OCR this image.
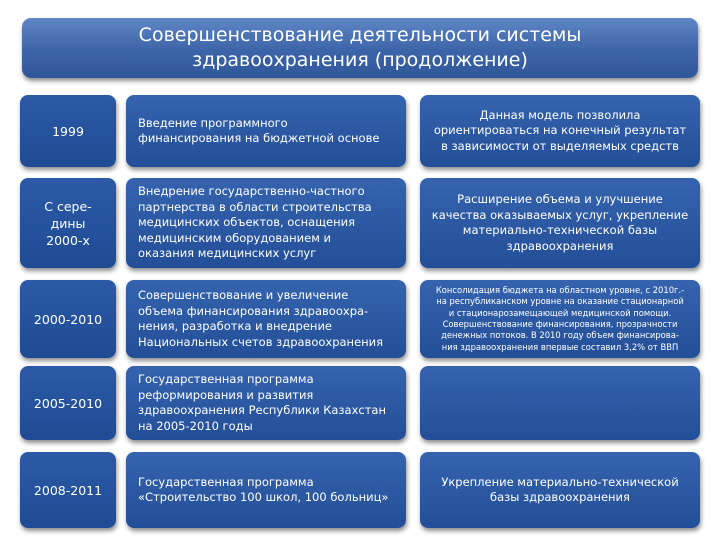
Совершенствование деятельности системы
здравоохранения (продолжение)
1999
Введение программного
финансирования на бюджетной основе
Данная модель позволила
ориентироваться на конечный результат
в зависимости от выделяемых средств
С сере-
дины
2000-х
Внедрение государственно-частного
партнерства в области строительства
медицинских объектов, оснащения
медицинским оборудованием и
оказания медицинских услуг
Расширение объема и улучшение
качества оказываемых услуг, укрепление
материально-технической базы
здравоохранения
2000-2010
Совершенствование и увеличение
объема финансирования здравоохра-
нения, разработка и внедрение
Национальных счетов здравоохранения
Консолидация бюджета на областном уровне, с 2010г.-
на республиканском уровне на оказание стационарной
и стационарозамещающей медицинской помощи.
Совершенствование финансирования, прозрачности
денежных потоков. В 2010 году объем финансирова-
ния здравоохранения впервые составил 3,2% от ВВП
2005-2010
Государственная программа
реформирования и развития
здравоохранения Республики Казахстан
на 2005-2010 годы
2008-2011
Государственная программа
«Строительство 100 школ, 100 больниц»
Укрепление материально-технической
базы здравоохранения
